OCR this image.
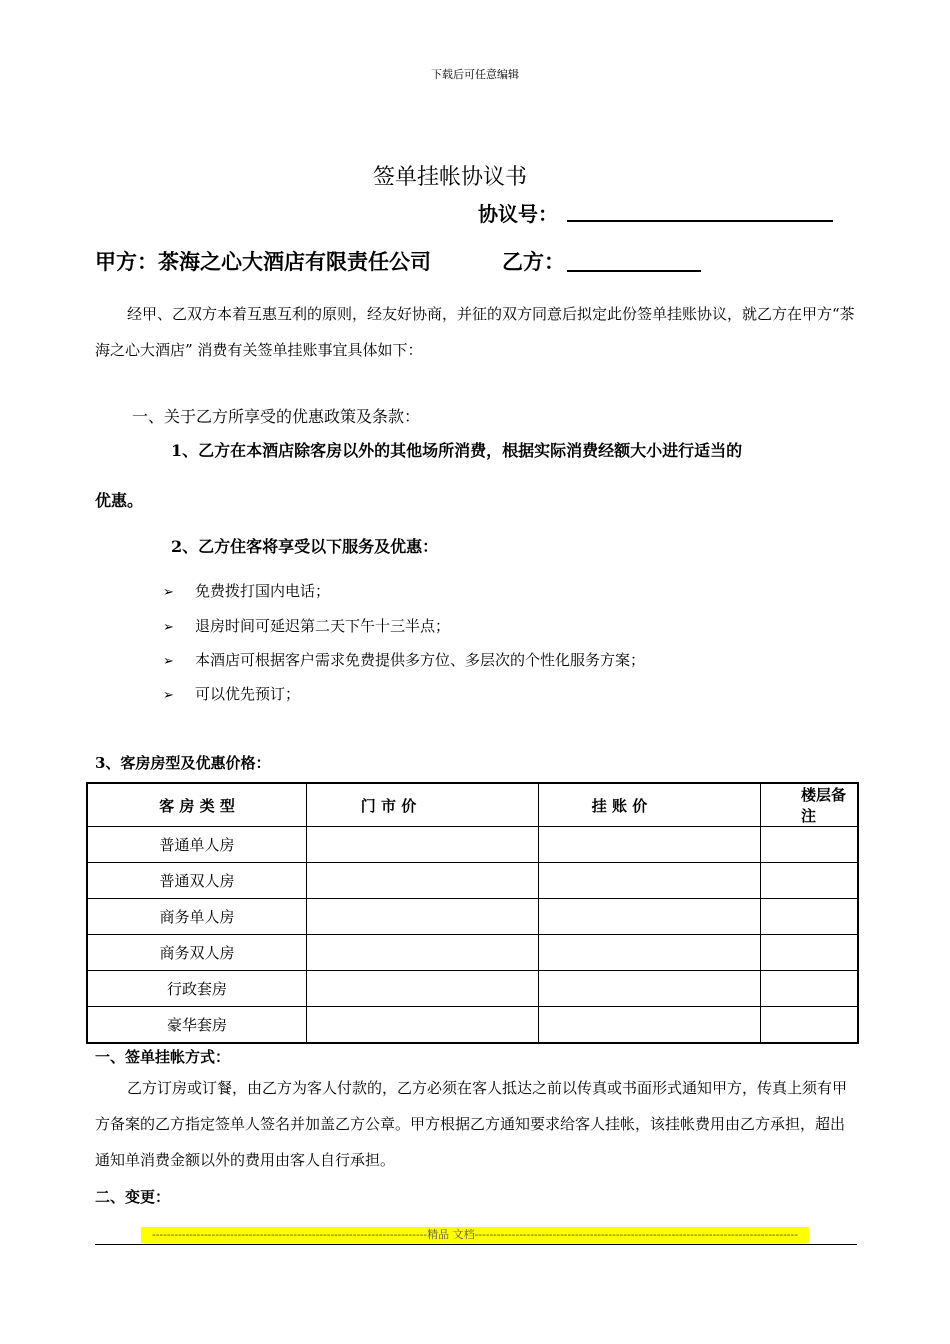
下载后可任意编辑
签单挂帐协议书
协议号：
甲方：茶海之心大酒店有限责任公司	乙方：
经甲、乙双方本着互惠互利的原则，经友好协商，并征的双方同意后拟定此份签单挂账协议，就乙方在甲方“茶海之心大酒店” 消费有关签单挂账事宜具体如下：
一、关于乙方所享受的优惠政策及条款：
1、乙方在本酒店除客房以外的其他场所消费，根据实际消费经额大小进行适当的
优惠。
2、乙方住客将享受以下服务及优惠：
➢ 免费拨打国内电话；
➢ 退房时间可延迟第二天下午十三半点；
➢ 本酒店可根据客户需求免费提供多方位、多层次的个性化服务方案；
➢ 可以优先预订；
3、客房房型及优惠价格：
客 房 类 型	门 市 价	挂 账 价	楼层备注
普通单人房			
普通双人房			
商务单人房			
商务双人房			
行政套房			
豪华套房			
一、签单挂帐方式：
乙方订房或订餐，由乙方为客人付款的，乙方必须在客人抵达之前以传真或书面形式通知甲方，传真上须有甲方备案的乙方指定签单人签名并加盖乙方公章。甲方根据乙方通知要求给客人挂帐，该挂帐费用由乙方承担，超出通知单消费金额以外的费用由客人自行承担。
二、变更：
--------------------------------------------------------------------------精品 文档---------------------------------------------------------------------------------------
